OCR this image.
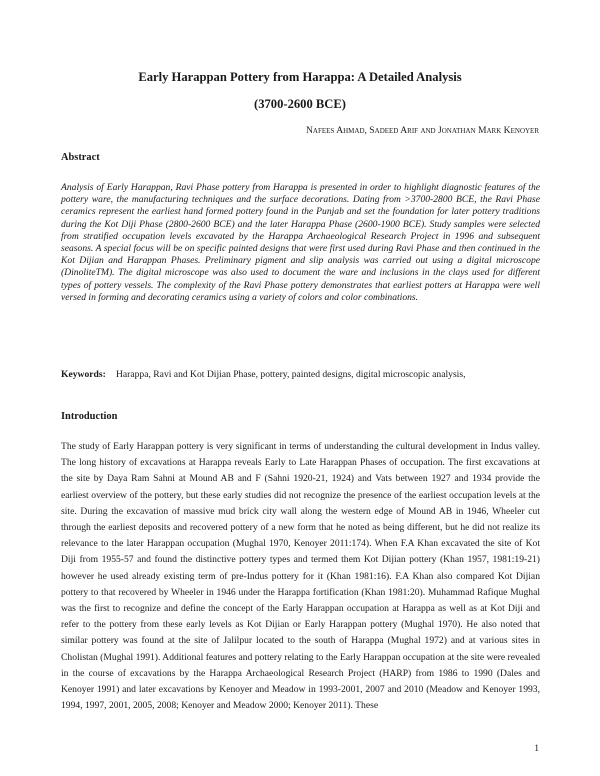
Early Harappan Pottery from Harappa: A Detailed Analysis
(3700-2600 BCE)
Nafees Ahmad, Sadeed Arif and Jonathan Mark Kenoyer
Abstract

Analysis of Early Harappan, Ravi Phase pottery from Harappa is presented in order to highlight diagnostic features of the pottery ware, the manufacturing techniques and the surface decorations. Dating from >3700-2800 BCE, the Ravi Phase ceramics represent the earliest hand formed pottery found in the Punjab and set the foundation for later pottery traditions during the Kot Diji Phase (2800-2600 BCE) and the later Harappa Phase (2600-1900 BCE). Study samples were selected from stratified occupation levels excavated by the Harappa Archaeological Research Project in 1996 and subsequent seasons. A special focus will be on specific painted designs that were first used during Ravi Phase and then continued in the Kot Dijian and Harappan Phases. Preliminary pigment and slip analysis was carried out using a digital microscope (DinoliteTM). The digital microscope was also used to document the ware and inclusions in the clays used for different types of pottery vessels. The complexity of the Ravi Phase pottery demonstrates that earliest potters at Harappa were well versed in forming and decorating ceramics using a variety of colors and color combinations.

Keywords:	Harappa, Ravi and Kot Dijian Phase, pottery, painted designs, digital microscopic analysis,
Introduction

The study of Early Harappan pottery is very significant in terms of understanding the cultural development in Indus valley. The long history of excavations at Harappa reveals Early to Late Harappan Phases of occupation. The first excavations at the site by Daya Ram Sahni at Mound AB and F (Sahni 1920-21, 1924) and Vats between 1927 and 1934 provide the earliest overview of the pottery, but these early studies did not recognize the presence of the earliest occupation levels at the site. During the excavation of massive mud brick city wall along the western edge of Mound AB in 1946, Wheeler cut through the earliest deposits and recovered pottery of a new form that he noted as being different, but he did not realize its relevance to the later Harappan occupation (Mughal 1970, Kenoyer 2011:174). When F.A Khan excavated the site of Kot Diji from 1955-57 and found the distinctive pottery types and termed them Kot Dijian pottery (Khan 1957, 1981:19-21) however he used already existing term of pre-Indus pottery for it (Khan 1981:16). F.A Khan also compared Kot Dijian pottery to that recovered by Wheeler in 1946 under the Harappa fortification (Khan 1981:20). Muhammad Rafique Mughal was the first to recognize and define the concept of the Early Harappan occupation at Harappa as well as at Kot Diji and refer to the pottery from these early levels as Kot Dijian or Early Harappan pottery (Mughal 1970). He also noted that similar pottery was found at the site of Jalilpur located to the south of Harappa (Mughal 1972) and at various sites in Cholistan (Mughal 1991). Additional features and pottery relating to the Early Harappan occupation at the site were revealed in the course of excavations by the Harappa Archaeological Research Project (HARP) from 1986 to 1990 (Dales and Kenoyer 1991) and later excavations by Kenoyer and Meadow in 1993-2001, 2007 and 2010 (Meadow and Kenoyer 1993, 1994, 1997, 2001, 2005, 2008; Kenoyer and Meadow 2000; Kenoyer 2011). These

1
